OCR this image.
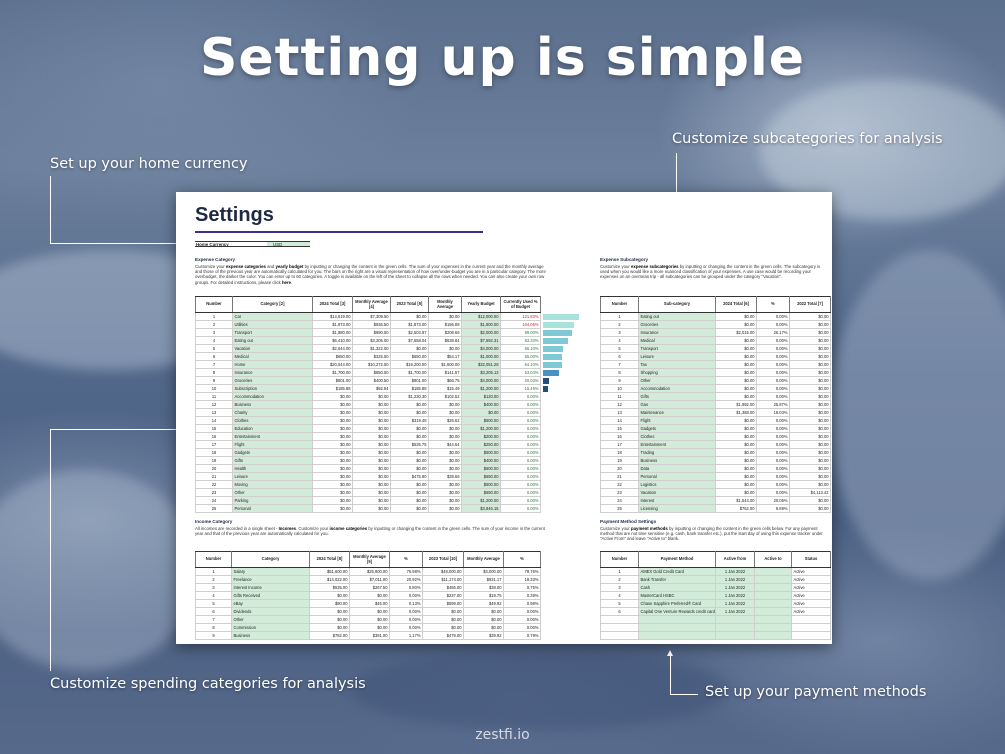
Setting up is simple
Set up your home currency
Customize subcategories for analysis
Customize spending categories for analysis	Set up your payment methods
zestfi.io
Settings
Home Currency	USD
Expense Category
Customize your expense categories and yearly budget by inputting or changing the content in the green cells. The sum of your expenses in the current year and the monthly average and those of the previous year are automatically calculated for you. The bars on the right are a visual representation of how over/under-budget you are in a particular category. The more overbudget, the darker the color. You can enter up to 60 categories. A toggle is available on the left of the sheet to collapse all the rows when needed. You can also create your own row groups. For detailed instructions, please click here.
Number	Category [2]	2024 Total [3]	Monthly Average [4]	2023 Total [5]	Monthly Average	Yearly Budget	Currently Used % of Budget
1	Car	$14,619.00	$7,309.50	$0.00	$0.00	$12,000.00	121.83%
2	Utilities	$1,873.00	$936.50	$1,873.00	$156.08	$1,800.00	104.06%
3	Transport	$1,980.00	$990.00	$2,503.97	$208.66	$2,000.00	99.00%
4	Eating out	$6,410.00	$3,205.00	$7,658.04	$638.84	$7,692.31	83.33%
5	Vacation	$2,644.00	$1,322.00	$0.00	$0.00	$4,000.00	66.10%
6	Medical	$650.00	$325.00	$650.00	$54.17	$1,000.00	65.00%
7	Home	$20,544.00	$10,272.00	$19,200.00	$1,600.00	$32,051.28	64.10%
8	Insurance	$1,700.00	$850.00	$1,700.00	$141.67	$3,205.13	53.04%
9	Groceries	$801.00	$400.50	$801.00	$66.75	$4,000.00	20.03%
10	Subscription	$185.88	$92.94	$185.88	$15.49	$1,200.00	15.49%
11	Accommodation	$0.00	$0.00	$1,230.30	$102.52	$120.00	0.00%
12	Business	$0.00	$0.00	$0.00	$0.00	$400.00	0.00%
13	Charity	$0.00	$0.00	$0.00	$0.00	$0.00	0.00%
14	Clothes	$0.00	$0.00	$319.48	$26.62	$500.00	0.00%
15	Education	$0.00	$0.00	$0.00	$0.00	$1,200.00	0.00%
16	Entertainment	$0.00	$0.00	$0.00	$0.00	$200.00	0.00%
17	Flight	$0.00	$0.00	$535.75	$44.64	$250.00	0.00%
18	Gadgets	$0.00	$0.00	$0.00	$0.00	$500.00	0.00%
19	Gifts	$0.00	$0.00	$0.00	$0.00	$400.00	0.00%
20	Health	$0.00	$0.00	$0.00	$0.00	$600.00	0.00%
21	Leisure	$0.00	$0.00	$475.90	$39.66	$650.00	0.00%
22	Moving	$0.00	$0.00	$0.00	$0.00	$500.00	0.00%
23	Other	$0.00	$0.00	$0.00	$0.00	$650.00	0.00%
24	Parking	$0.00	$0.00	$0.00	$0.00	$1,200.00	0.00%
25	Personal	$0.00	$0.00	$0.00	$0.00	$3,846.15	0.00%
Income Category
All incomes are recorded in a single sheet - Incomes. Customize your income categories by inputting or changing the content in the green cells. The sum of your income in the current year and that of the previous year are automatically calculated for you.
Number	Category	2024 Total [8]	Monthly Average [9]	%	2023 Total [10]	Monthly Average	%
1	Salary	$51,600.00	$25,800.00	76.98%	$48,000.00	$4,000.00	78.76%
2	Freelance	$14,022.00	$7,011.00	20.92%	$11,174.00	$931.17	18.33%
3	Interest Income	$535.00	$267.50	0.80%	$456.00	$38.00	0.75%
4	Gifts Received	$0.00	$0.00	0.00%	$237.00	$19.75	0.39%
5	eBay	$90.00	$45.00	0.13%	$599.00	$49.92	0.98%
6	Dividends	$0.00	$0.00	0.00%	$0.00	$0.00	0.00%
7	Other	$0.00	$0.00	0.00%	$0.00	$0.00	0.00%
8	Commission	$0.00	$0.00	0.00%	$0.00	$0.00	0.00%
9	Business	$782.00	$391.00	1.17%	$479.00	$39.92	0.79%
Expense Subcategory
Customize your expense subcategories by inputting or changing the content in the green cells. The subcategory is used when you would like a more nuanced classification of your expenses. A use case would be recording your expenses on an overseas trip - all subcategories can be grouped under the category "Vacation".
Number	Sub-category	2024 Total [6]	%	2022 Total [7]
1	Eating out	$0.00	0.00%	$0.00
2	Groceries	$0.00	0.00%	$0.00
3	Insurance	$2,015.00	26.17%	$0.00
4	Medical	$0.00	0.00%	$0.00
5	Transport	$0.00	0.00%	$0.00
6	Leisure	$0.00	0.00%	$0.00
7	Tax	$0.00	0.00%	$0.00
8	Shopping	$0.00	0.00%	$0.00
9	Other	$0.00	0.00%	$0.00
10	Accommodation	$0.00	0.00%	$0.00
11	Gifts	$0.00	0.00%	$0.00
12	Gas	$1,992.00	25.87%	$0.00
13	Maintenance	$1,388.00	18.03%	$0.00
14	Flight	$0.00	0.00%	$0.00
15	Gadgets	$0.00	0.00%	$0.00
16	Clothes	$0.00	0.00%	$0.00
17	Entertainment	$0.00	0.00%	$0.00
18	Trading	$0.00	0.00%	$0.00
19	Business	$0.00	0.00%	$0.00
20	Data	$0.00	0.00%	$0.00
21	Personal	$0.00	0.00%	$0.00
22	Logistics	$0.00	0.00%	$0.00
23	Vacation	$0.00	0.00%	$4,113.42
24	Interest	$1,544.00	20.05%	$0.00
25	Licensing	$762.00	9.89%	$0.00
Payment Method Settings
Customize your payment methods by inputting or changing the content in the green cells below. For any payment method that are not time sensitive (e.g. cash, bank transfer etc.), put the start day of using this expense tracker under "Active From" and leave "Active to" blank.
Number	Payment Method	Active from	Active to	Status
1	AMEX Gold Credit Card	1 Jan 2022		Active
2	Bank Transfer	1 Jan 2022		Active
3	Cash	1 Jan 2022		Active
4	MasterCard HSBC	1 Jan 2022		Active
5	Chase Sapphire Preferred® Card	1 Jan 2022		Active
6	Capital One Venture Rewards credit card	1 Jan 2022		Active
